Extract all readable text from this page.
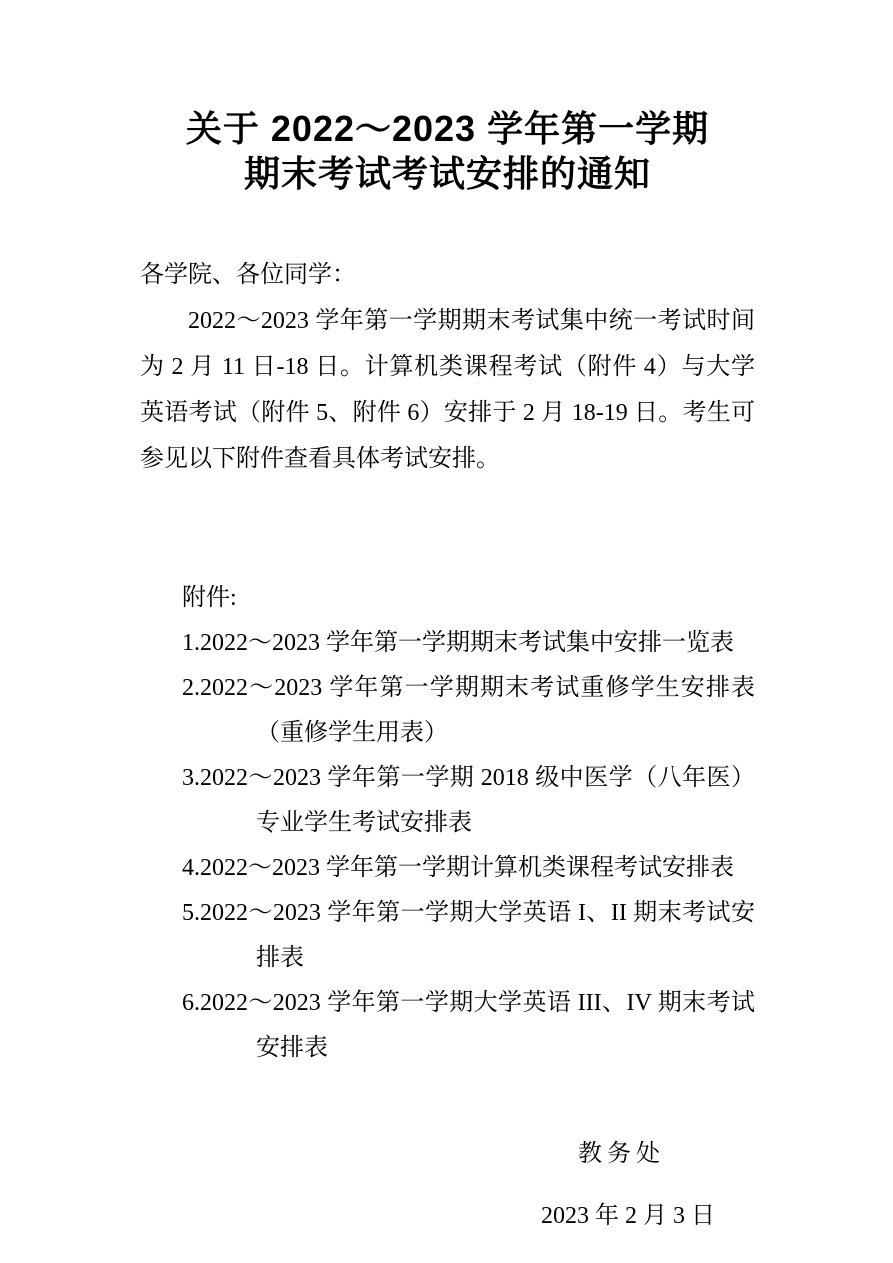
关于 2022～2023 学年第一学期
期末考试考试安排的通知
各学院、各位同学：
2022～2023 学年第一学期期末考试集中统一考试时间为 2 月 11 日-18 日。计算机类课程考试（附件 4）与大学英语考试（附件 5、附件 6）安排于 2 月 18-19 日。考生可参见以下附件查看具体考试安排。
附件:
1.2022～2023 学年第一学期期末考试集中安排一览表
2.2022～2023 学年第一学期期末考试重修学生安排表（重修学生用表）
3.2022～2023 学年第一学期 2018 级中医学（八年医）专业学生考试安排表
4.2022～2023 学年第一学期计算机类课程考试安排表
5.2022～2023 学年第一学期大学英语 I、II 期末考试安排表
6.2022～2023 学年第一学期大学英语 III、IV 期末考试安排表
教务处
2023 年 2 月 3 日
